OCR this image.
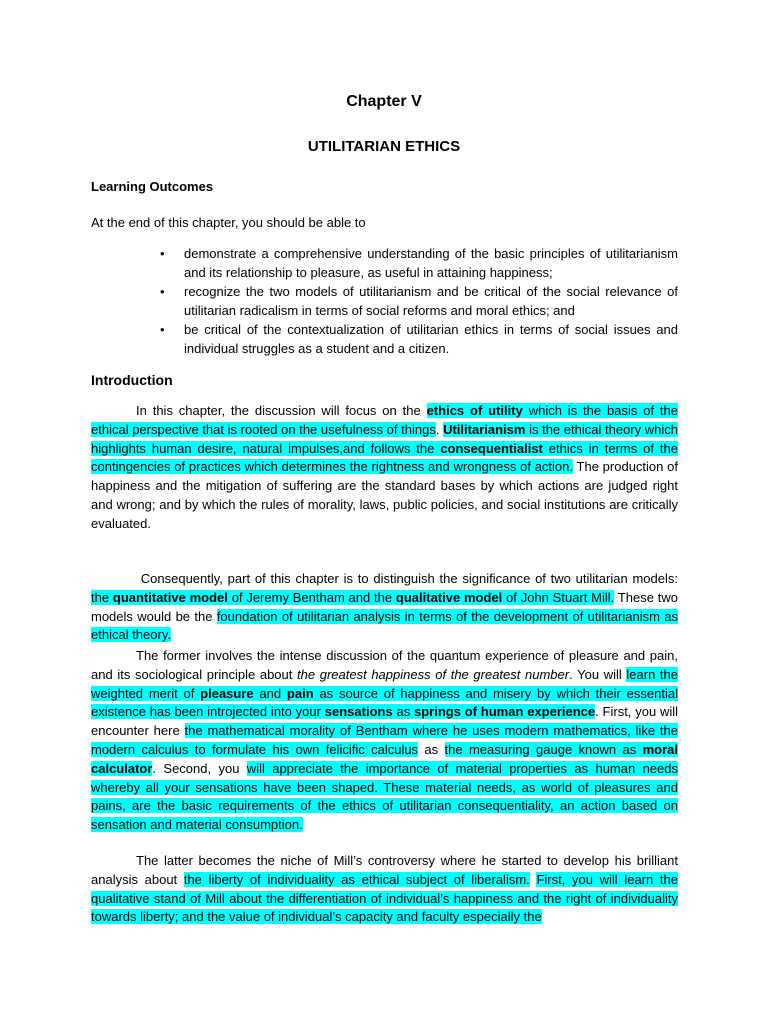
Chapter V
UTILITARIAN ETHICS
Learning Outcomes
At the end of this chapter, you should be able to
• demonstrate a comprehensive understanding of the basic principles of utilitarianism and its relationship to pleasure, as useful in attaining happiness;
• recognize the two models of utilitarianism and be critical of the social relevance of utilitarian radicalism in terms of social reforms and moral ethics; and
• be critical of the contextualization of utilitarian ethics in terms of social issues and individual struggles as a student and a citizen.
Introduction

In this chapter, the discussion will focus on the ethics of utility which is the basis of the ethical perspective that is rooted on the usefulness of things. Utilitarianism is the ethical theory which highlights human desire, natural impulses,and follows the consequentialist ethics in terms of the contingencies of practices which determines the rightness and wrongness of action. The production of happiness and the mitigation of suffering are the standard bases by which actions are judged right and wrong; and by which the rules of morality, laws, public policies, and social institutions are critically evaluated.

Consequently, part of this chapter is to distinguish the significance of two utilitarian models: the quantitative model of Jeremy Bentham and the qualitative model of John Stuart Mill. These two models would be the foundation of utilitarian analysis in terms of the development of utilitarianism as ethical theory.

The former involves the intense discussion of the quantum experience of pleasure and pain, and its sociological principle about the greatest happiness of the greatest number. You will learn the weighted merit of pleasure and pain as source of happiness and misery by which their essential existence has been introjected into your sensations as springs of human experience. First, you will encounter here the mathematical morality of Bentham where he uses modern mathematics, like the modern calculus to formulate his own felicific calculus as the measuring gauge known as moral calculator. Second, you will appreciate the importance of material properties as human needs whereby all your sensations have been shaped. These material needs, as world of pleasures and pains, are the basic requirements of the ethics of utilitarian consequentiality, an action based on sensation and material consumption.

The latter becomes the niche of Mill’s controversy where he started to develop his brilliant analysis about the liberty of individuality as ethical subject of liberalism. First, you will learn the qualitative stand of Mill about the differentiation of individual’s happiness and the right of individuality towards liberty; and the value of individual’s capacity and faculty especially the
